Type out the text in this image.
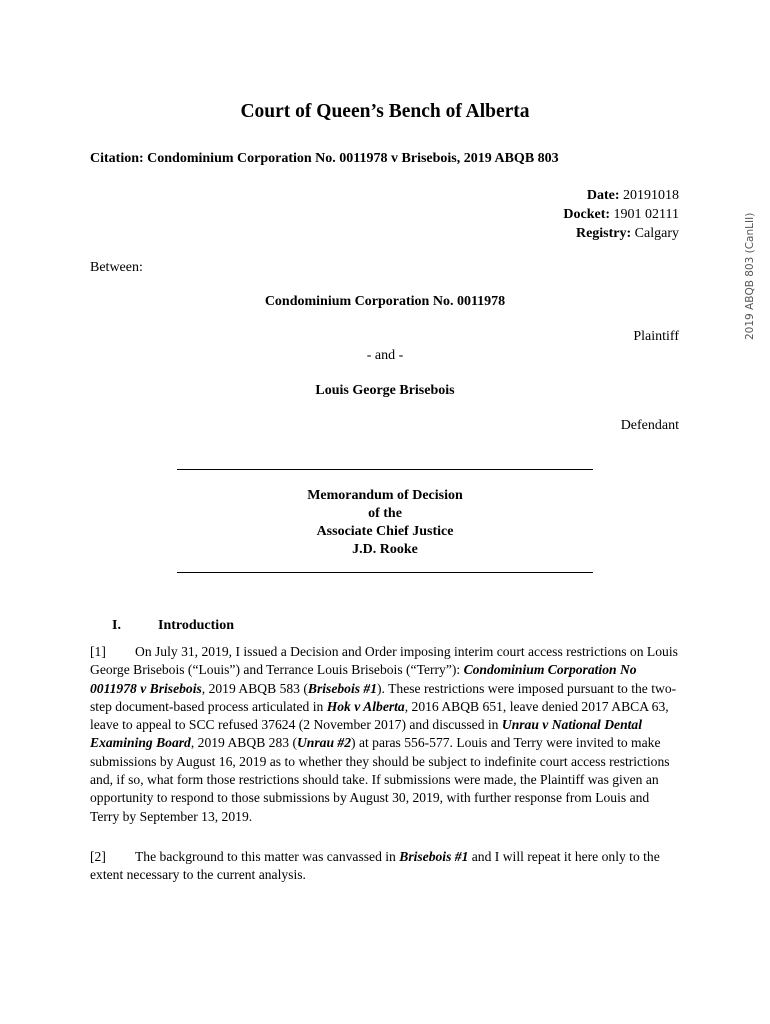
Court of Queen’s Bench of Alberta
Citation: Condominium Corporation No. 0011978 v Brisebois, 2019 ABQB 803
2019 ABQB 803 (CanLII)
Date: 20191018
Docket: 1901 02111
Registry: Calgary
Between:
Condominium Corporation No. 0011978
Plaintiff
- and -
Louis George Brisebois
Defendant
Memorandum of Decision
of the
Associate Chief Justice
J.D. Rooke
I.	Introduction
[1] On July 31, 2019, I issued a Decision and Order imposing interim court access restrictions on Louis George Brisebois (“Louis”) and Terrance Louis Brisebois (“Terry”): Condominium Corporation No 0011978 v Brisebois, 2019 ABQB 583 (Brisebois #1). These restrictions were imposed pursuant to the two-step document-based process articulated in Hok v Alberta, 2016 ABQB 651, leave denied 2017 ABCA 63, leave to appeal to SCC refused 37624 (2 November 2017) and discussed in Unrau v National Dental Examining Board, 2019 ABQB 283 (Unrau #2) at paras 556-577. Louis and Terry were invited to make submissions by August 16, 2019 as to whether they should be subject to indefinite court access restrictions and, if so, what form those restrictions should take. If submissions were made, the Plaintiff was given an opportunity to respond to those submissions by August 30, 2019, with further response from Louis and Terry by September 13, 2019.
[2] The background to this matter was canvassed in Brisebois #1 and I will repeat it here only to the extent necessary to the current analysis.
